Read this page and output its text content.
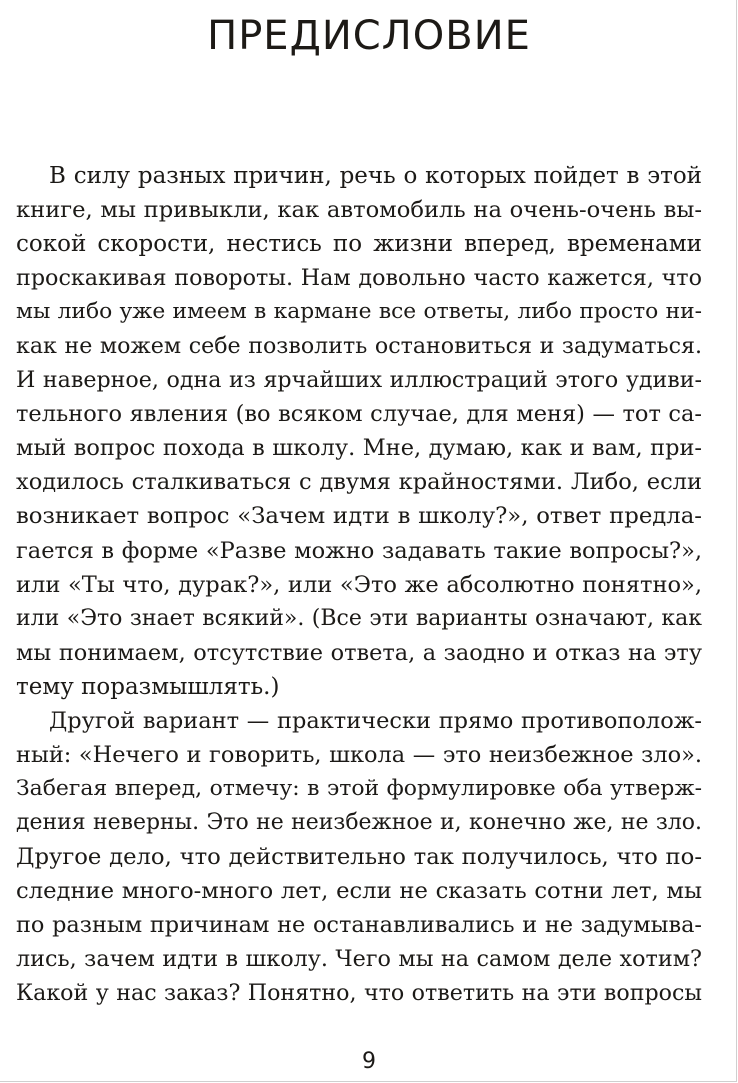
ПРЕДИСЛОВИЕ
В силу разных причин, речь о которых пойдет в этой
книге, мы привыкли, как автомобиль на очень-очень вы-
сокой скорости, нестись по жизни вперед, временами
проскакивая повороты. Нам довольно часто кажется, что
мы либо уже имеем в кармане все ответы, либо просто ни-
как не можем себе позволить остановиться и задуматься.
И наверное, одна из ярчайших иллюстраций этого удиви-
тельного явления (во всяком случае, для меня) — тот са-
мый вопрос похода в школу. Мне, думаю, как и вам, при-
ходилось сталкиваться с двумя крайностями. Либо, если
возникает вопрос «Зачем идти в школу?», ответ предла-
гается в форме «Разве можно задавать такие вопросы?»,
или «Ты что, дурак?», или «Это же абсолютно понятно»,
или «Это знает всякий». (Все эти варианты означают, как
мы понимаем, отсутствие ответа, а заодно и отказ на эту
тему поразмышлять.)
Другой вариант — практически прямо противополож-
ный: «Нечего и говорить, школа — это неизбежное зло».
Забегая вперед, отмечу: в этой формулировке оба утверж-
дения неверны. Это не неизбежное и, конечно же, не зло.
Другое дело, что действительно так получилось, что по-
следние много-много лет, если не сказать сотни лет, мы
по разным причинам не останавливались и не задумыва-
лись, зачем идти в школу. Чего мы на самом деле хотим?
Какой у нас заказ? Понятно, что ответить на эти вопросы
9
